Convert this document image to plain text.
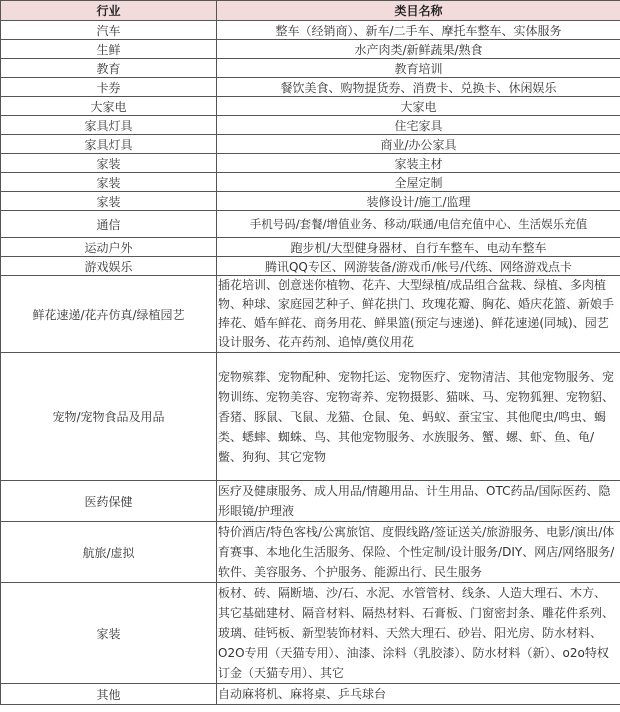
行业	类目名称
汽车	整车（经销商）、新车/二手车、摩托车整车、实体服务
生鲜	水产肉类/新鲜蔬果/熟食
教育	教育培训
卡券	餐饮美食、购物提货券、消费卡、兑换卡、休闲娱乐
大家电	大家电
家具灯具	住宅家具
家具灯具	商业/办公家具
家装	家装主材
家装	全屋定制
家装	装修设计/施工/监理
通信	手机号码/套餐/增值业务、移动/联通/电信充值中心、生活娱乐充值
运动户外	跑步机/大型健身器材、自行车整车、电动车整车
游戏娱乐	腾讯QQ专区、网游装备/游戏币/帐号/代练、网络游戏点卡
鲜花速递/花卉仿真/绿植园艺	插花培训、创意迷你植物、花卉、大型绿植/成品组合盆栽、绿植、多肉植物、种球、家庭园艺种子、鲜花拱门、玫瑰花瓣、胸花、婚庆花篮、新娘手捧花、婚车鲜花、商务用花、鲜果篮(预定与速递)、鲜花速递(同城)、园艺设计服务、花卉药剂、追悼/奠仪用花
宠物/宠物食品及用品	宠物殡葬、宠物配种、宠物托运、宠物医疗、宠物清洁、其他宠物服务、宠物训练、宠物美容、宠物寄养、宠物摄影、猫咪、马、宠物狐狸、宠物貂、香猪、豚鼠、飞鼠、龙猫、仓鼠、兔、蚂蚁、蚕宝宝、其他爬虫/鸣虫、蝎类、蟋蟀、蜘蛛、鸟、其他宠物服务、水族服务、蟹、螺、虾、鱼、龟/鳖、狗狗、其它宠物
医药保健	医疗及健康服务、成人用品/情趣用品、计生用品、OTC药品/国际医药、隐形眼镜/护理液
航旅/虚拟	特价酒店/特色客栈/公寓旅馆、度假线路/签证送关/旅游服务、电影/演出/体育赛事、本地化生活服务、保险、个性定制/设计服务/DIY、网店/网络服务/软件、美容服务、个护服务、能源出行、民生服务
家装	板材、砖、隔断墙、沙/石、水泥、水管管材、线条、人造大理石、木方、其它基础建材、隔音材料、隔热材料、石膏板、门窗密封条、雕花件系列、玻璃、硅钙板、新型装饰材料、天然大理石、砂岩、阳光房、防水材料、O2O专用（天猫专用）、油漆、涂料（乳胶漆）、防水材料（新）、o2o特权订金（天猫专用）、其它
其他	自动麻将机、麻将桌、乒乓球台
